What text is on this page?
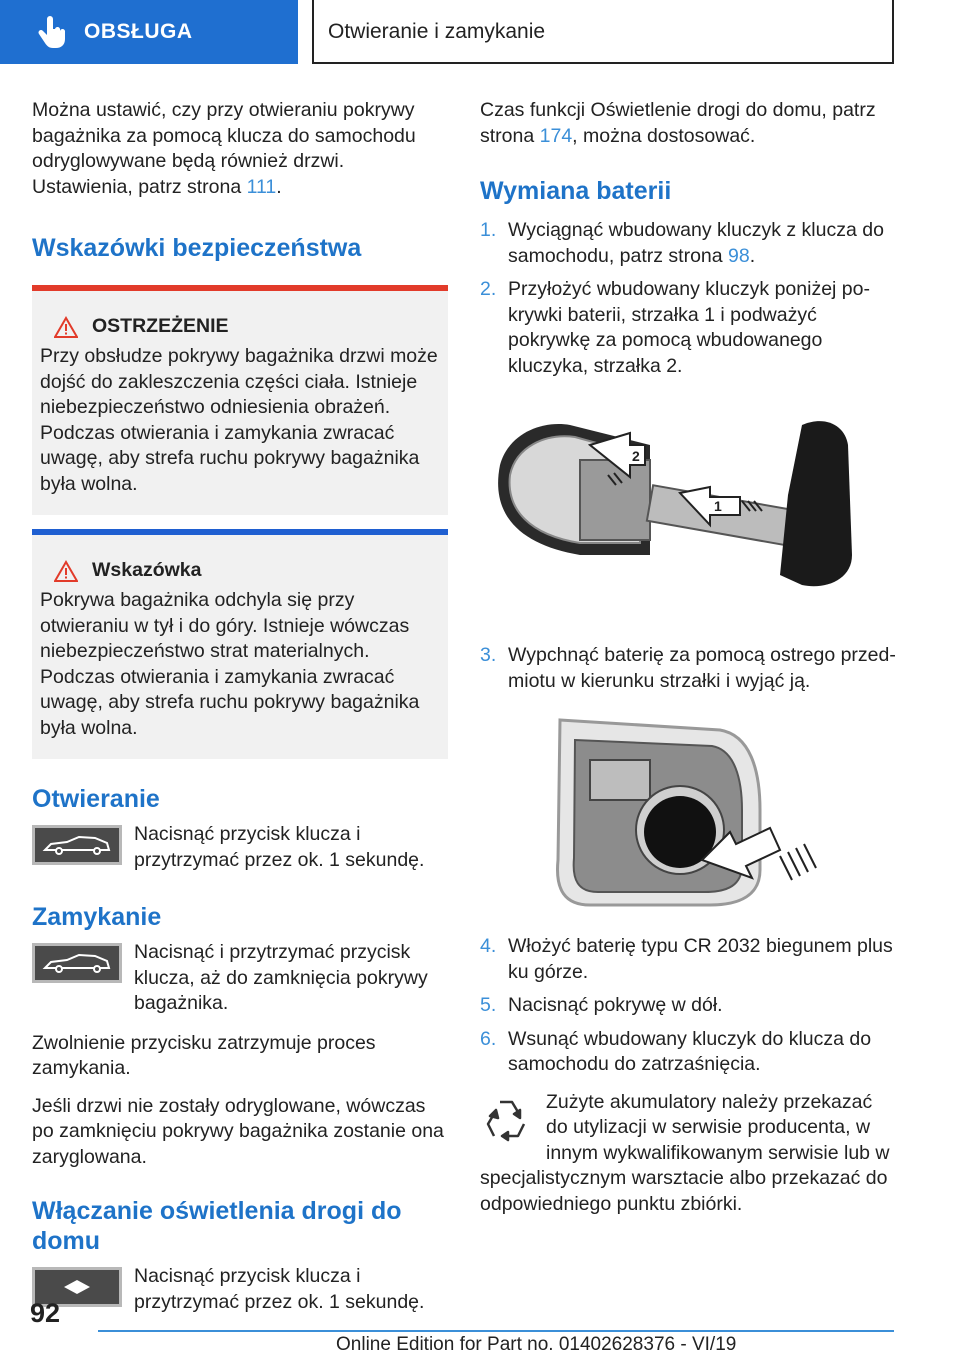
OBSŁUGA	Otwieranie i zamykanie

Można ustawić, czy przy otwieraniu pokrywy bagażnika za pomocą klucza do samochodu odryglowywane będą również drzwi. Ustawienia, patrz strona 111.

Wskazówki bezpieczeństwa
OSTRZEŻENIE
Przy obsłudze pokrywy bagażnika drzwi może dojść do zakleszczenia części ciała. Istnieje niebezpieczeństwo odniesienia obrażeń. Podczas otwierania i zamykania zwracać uwagę, aby strefa ruchu pokrywy bagażnika była wolna.
Wskazówka
Pokrywa bagażnika odchyla się przy otwieraniu w tył i do góry. Istnieje wówczas niebezpieczeństwo strat materialnych. Podczas otwierania i zamykania zwracać uwagę, aby strefa ruchu pokrywy bagażnika była wolna.
Otwieranie
Nacisnąć przycisk klucza i przytrzymać przez ok. 1 sekundę.
Zamykanie
Nacisnąć i przytrzymać przycisk klucza, aż do zamknięcia pokrywy bagażnika.

Zwolnienie przycisku zatrzymuje proces zamykania.

Jeśli drzwi nie zostały odryglowane, wówczas po zamknięciu pokrywy bagażnika zostanie ona zaryglowana.

Włączanie oświetlenia drogi do domu
Nacisnąć przycisk klucza i przytrzymać przez ok. 1 sekundę.

Czas funkcji Oświetlenie drogi do domu, patrz strona 174, można dostosować.

Wymiana baterii
1. Wyciągnąć wbudowany kluczyk z klucza do samochodu, patrz strona 98.
2. Przyłożyć wbudowany kluczyk poniżej pokrywki baterii, strzałka 1 i podważyć pokrywkę za pomocą wbudowanego kluczyka, strzałka 2.
2
1
3. Wypchnąć baterię za pomocą ostrego przedmiotu w kierunku strzałki i wyjąć ją.
4. Włożyć baterię typu CR 2032 biegunem plus ku górze.
5. Nacisnąć pokrywę w dół.
6. Wsunąć wbudowany kluczyk do klucza do samochodu do zatrzaśnięcia.
Zużyte akumulatory należy przekazać do utylizacji w serwisie producenta, w innym wykwalifikowanym serwisie lub w specjalistycznym warsztacie albo przekazać do odpowiedniego punktu zbiórki.
92
Online Edition for Part no. 01402628376 - VI/19
